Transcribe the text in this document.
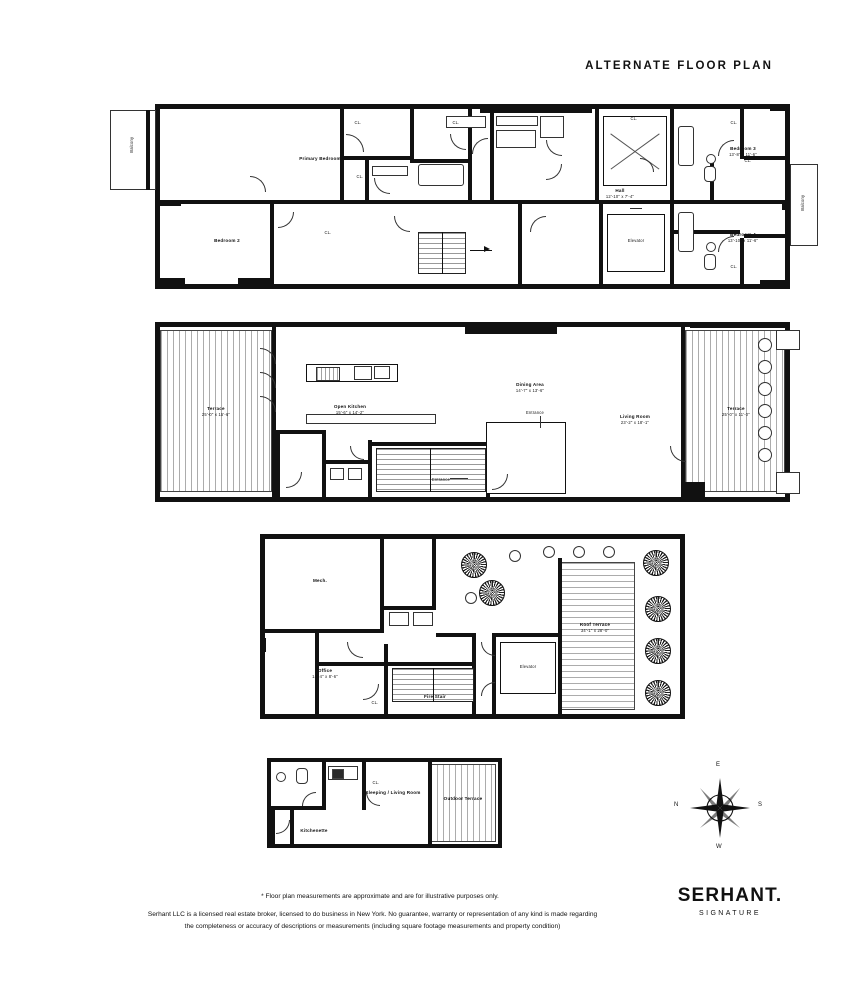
ALTERNATE FLOOR PLAN
Balcony
Balcony
Elevator
Primary Bedroom
Bedroom 2
Bedroom 3
13'-8" x 11'-6"
Bedroom 4
13'-10" x 11'-6"
Hall
12'-10" x 7'-4"
CL.
CL.
CL.
CL.
CL.
CL.
CL.
CL.
Terrace
25'-0" x 15'-6"
Terrace
25'-0" x 11'-0"
Open Kitchen
15'-6" x 14'-2"
Dining Area
14'-7" x 13'-6"
Living Room
23'-2" x 18'-1"
Entrance
Entrance
Elevator
Mech.
Office
14'-4" x 8'-6"
Fire Stair
Roof Terrace
34'-1" x 28'-0"
CL.
CL.
Sleeping / Living Room
Outdoor Terrace
Kitchenette
N
E
S
W
* Floor plan measurements are approximate and are for illustrative purposes only.
Serhant LLC is a licensed real estate broker, licensed to do business in New York. No guarantee, warranty or representation of any kind is made regarding
the completeness or accuracy of descriptions or measurements (including square footage measurements and property condition)
SERHANT.
SIGNATURE
